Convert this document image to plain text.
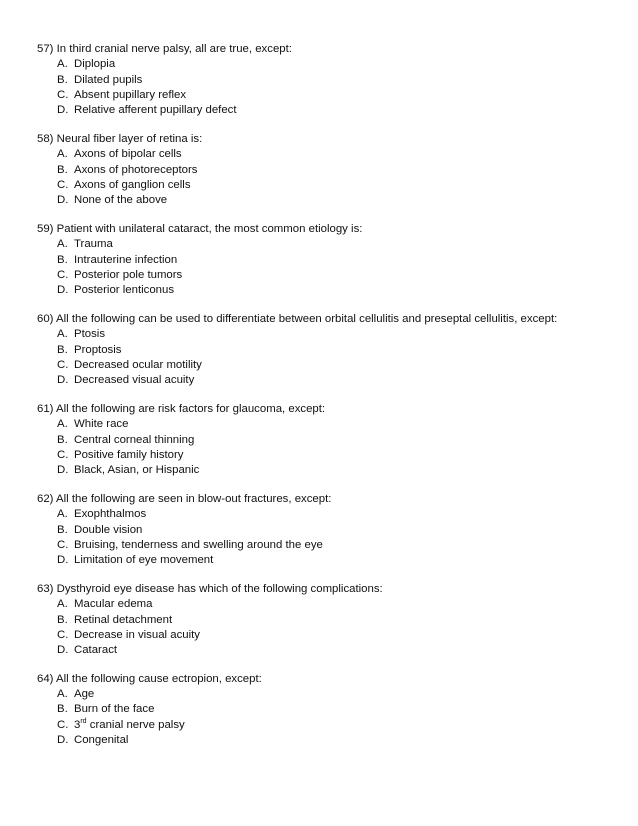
57) In third cranial nerve palsy, all are true, except:
A. Diplopia
B. Dilated pupils
C. Absent pupillary reflex
D. Relative afferent pupillary defect
58) Neural fiber layer of retina is:
A. Axons of bipolar cells
B. Axons of photoreceptors
C. Axons of ganglion cells
D. None of the above
59) Patient with unilateral cataract, the most common etiology is:
A. Trauma
B. Intrauterine infection
C. Posterior pole tumors
D. Posterior lenticonus
60) All the following can be used to differentiate between orbital cellulitis and preseptal cellulitis, except:
A. Ptosis
B. Proptosis
C. Decreased ocular motility
D. Decreased visual acuity
61) All the following are risk factors for glaucoma, except:
A. White race
B. Central corneal thinning
C. Positive family history
D. Black, Asian, or Hispanic
62) All the following are seen in blow-out fractures, except:
A. Exophthalmos
B. Double vision
C. Bruising, tenderness and swelling around the eye
D. Limitation of eye movement
63) Dysthyroid eye disease has which of the following complications:
A. Macular edema
B. Retinal detachment
C. Decrease in visual acuity
D. Cataract
64) All the following cause ectropion, except:
A. Age
B. Burn of the face
C. 3rd cranial nerve palsy
D. Congenital
